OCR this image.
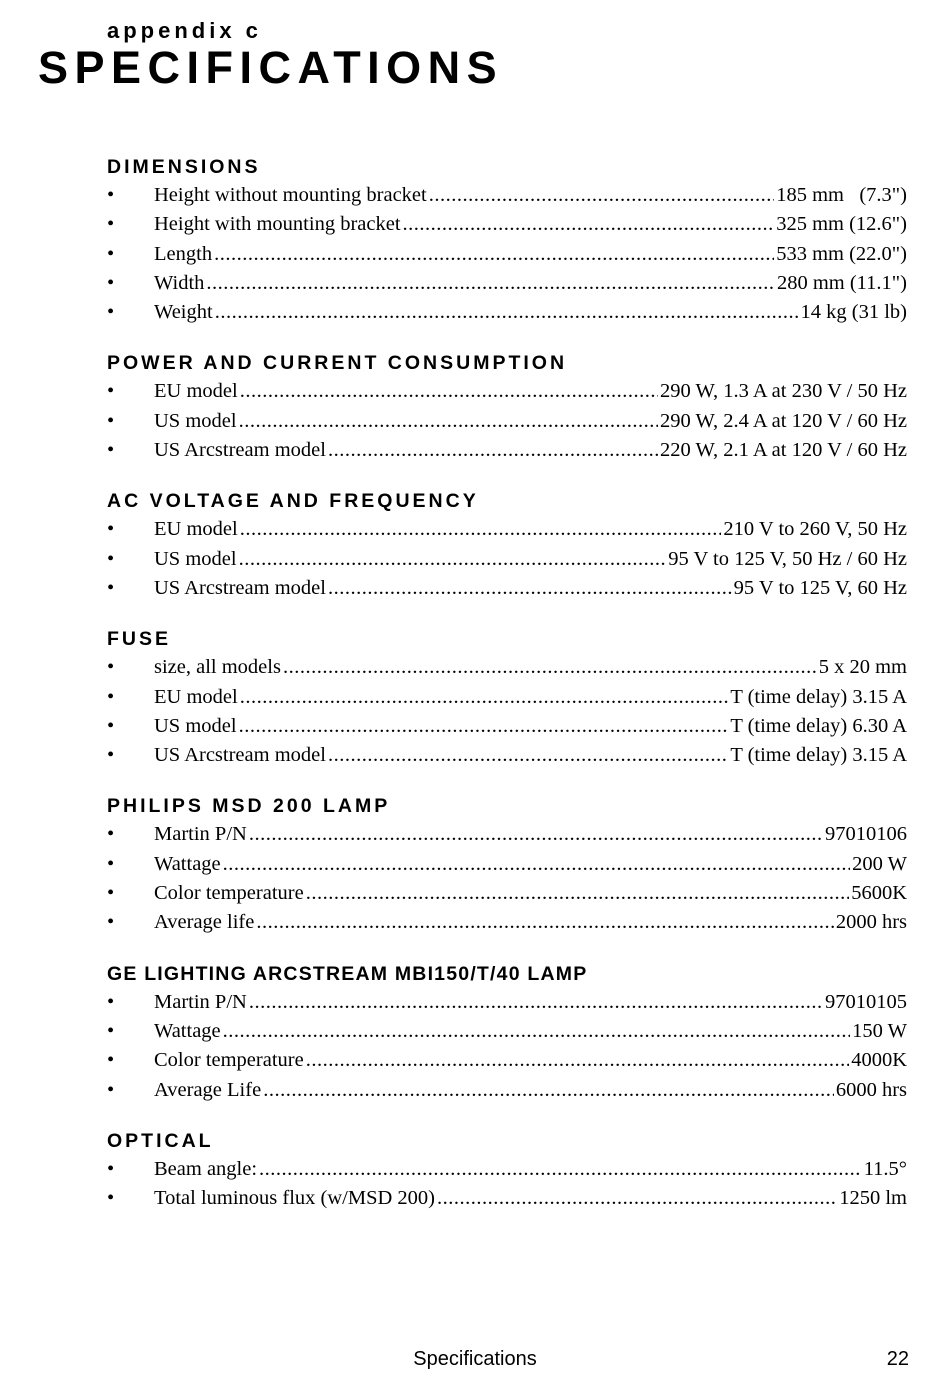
appendix c
SPECIFICATIONS
DIMENSIONS
•	Height without mounting bracket .....	185 mm   (7.3")
•	Height with mounting bracket .....	325 mm (12.6")
•	Length .....	533 mm (22.0")
•	Width .....	280 mm (11.1")
•	Weight .....	14 kg (31 lb)
POWER AND CURRENT CONSUMPTION
•	EU model .....	290 W, 1.3 A at 230 V / 50 Hz
•	US model .....	290 W, 2.4 A at 120 V / 60 Hz
•	US Arcstream model .....	220 W, 2.1 A at 120 V / 60 Hz
AC VOLTAGE AND FREQUENCY
•	EU model .....	210 V to 260 V, 50 Hz
•	US model .....	95 V to 125 V, 50 Hz / 60 Hz
•	US Arcstream model .....	95 V to 125 V, 60 Hz
FUSE
•	size, all models .....	5 x 20 mm
•	EU model .....	T (time delay) 3.15 A
•	US model .....	T (time delay) 6.30 A
•	US Arcstream model .....	T (time delay) 3.15 A
PHILIPS MSD 200 LAMP
•	Martin P/N .....	97010106
•	Wattage .....	200 W
•	Color temperature .....	5600K
•	Average life .....	2000 hrs
GE LIGHTING ARCSTREAM MBI150/T/40 LAMP
•	Martin P/N .....	97010105
•	Wattage .....	150 W
•	Color temperature .....	4000K
•	Average Life .....	6000 hrs
OPTICAL
•	Beam angle: .....	11.5°
•	Total luminous flux (w/MSD 200) .....	1250 lm
Specifications	22
